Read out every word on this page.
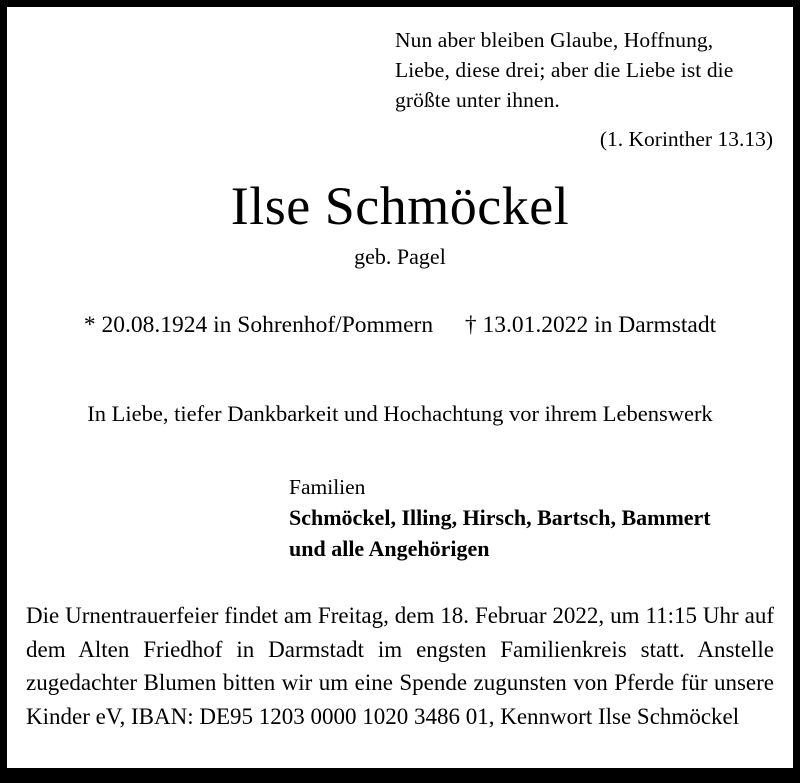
Nun aber bleiben Glaube, Hoffnung,
Liebe, diese drei; aber die Liebe ist die
größte unter ihnen.
(1. Korinther 13.13)
Ilse Schmöckel
geb. Pagel
* 20.08.1924 in Sohrenhof/Pommern † 13.01.2022 in Darmstadt
In Liebe, tiefer Dankbarkeit und Hochachtung vor ihrem Lebenswerk
Familien
Schmöckel, Illing, Hirsch, Bartsch, Bammert
und alle Angehörigen
Die Urnentrauerfeier findet am Freitag, dem 18. Februar 2022, um 11:15 Uhr auf dem Alten Friedhof in Darmstadt im engsten Familienkreis statt. Anstelle zugedachter Blumen bitten wir um eine Spende zugunsten von Pferde für unsere Kinder eV, IBAN: DE95 1203 0000 1020 3486 01, Kennwort Ilse Schmöckel
